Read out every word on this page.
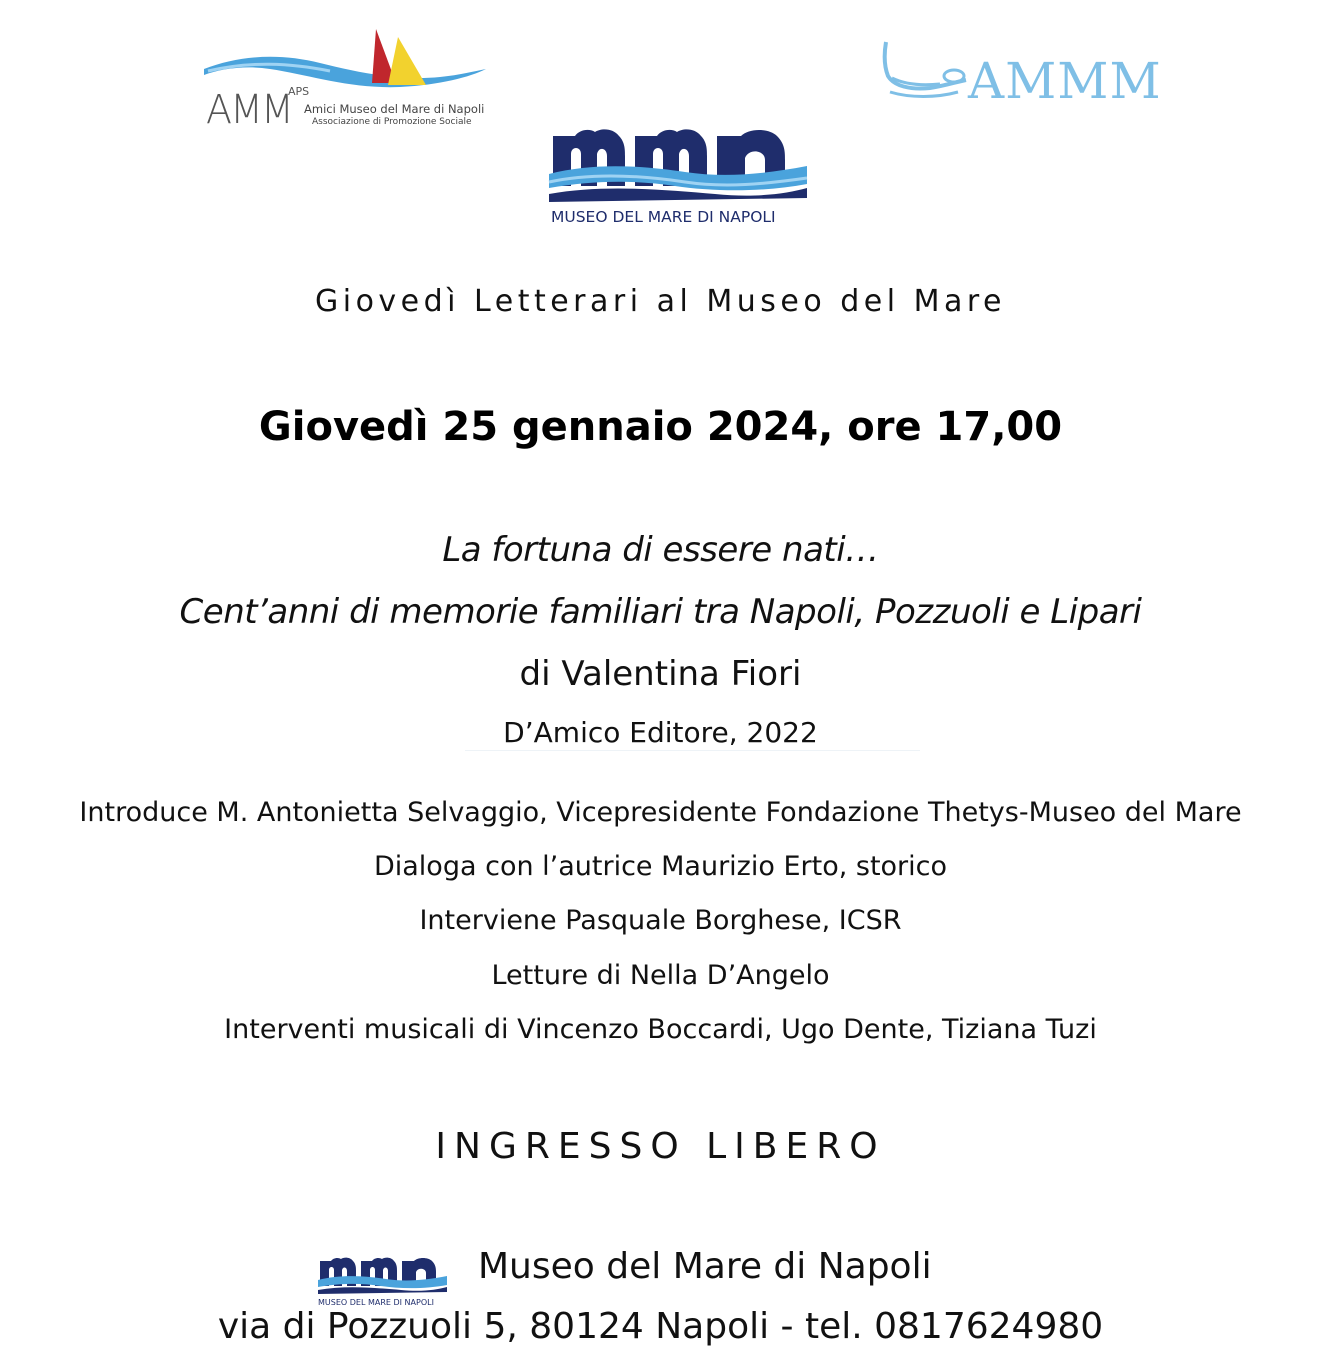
AMM
APS
Amici Museo del Mare di Napoli
Associazione di Promozione Sociale
AMMM
MUSEO DEL MARE DI NAPOLI
Giovedì Letterari al Museo del Mare
Giovedì 25 gennaio 2024, ore 17,00
La fortuna di essere nati…
Cent’anni di memorie familiari tra Napoli, Pozzuoli e Lipari
di Valentina Fiori
D’Amico Editore, 2022
Introduce M. Antonietta Selvaggio, Vicepresidente Fondazione Thetys-Museo del Mare
Dialoga con l’autrice Maurizio Erto, storico
Interviene Pasquale Borghese, ICSR
Letture di Nella D’Angelo
Interventi musicali di Vincenzo Boccardi, Ugo Dente, Tiziana Tuzi
INGRESSO LIBERO
MUSEO DEL MARE DI NAPOLI
Museo del Mare di Napoli
via di Pozzuoli 5, 80124 Napoli - tel. 0817624980
